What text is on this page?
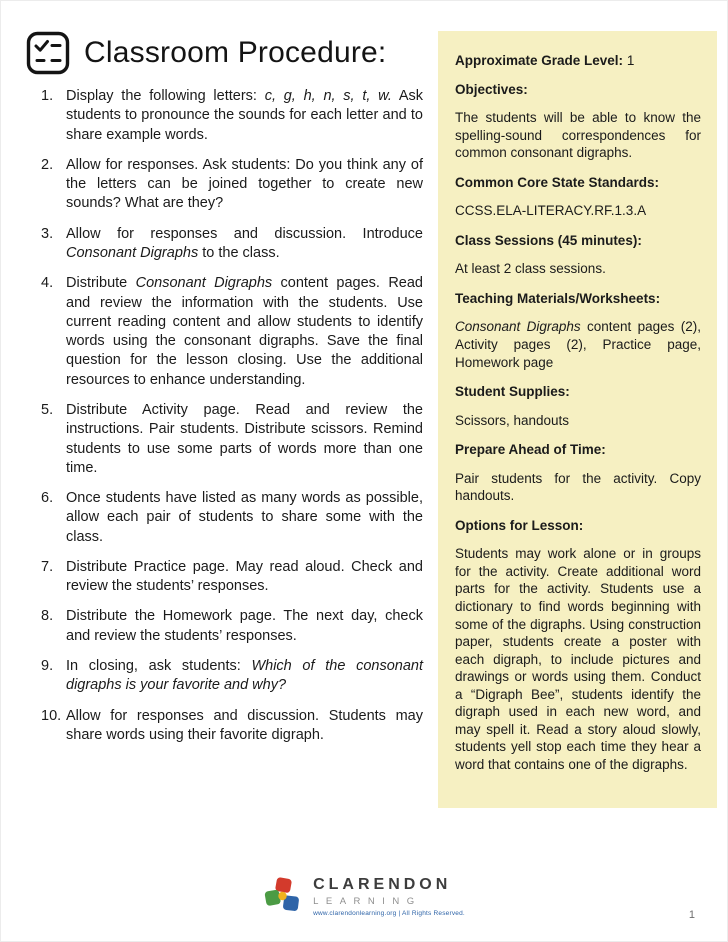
Classroom Procedure:
1. Display the following letters: c, g, h, n, s, t, w. Ask students to pronounce the sounds for each letter and to share example words.
2. Allow for responses. Ask students: Do you think any of the letters can be joined together to create new sounds? What are they?
3. Allow for responses and discussion. Introduce Consonant Digraphs to the class.
4. Distribute Consonant Digraphs content pages. Read and review the information with the students. Use current reading content and allow students to identify words using the consonant digraphs. Save the final question for the lesson closing. Use the additional resources to enhance understanding.
5. Distribute Activity page. Read and review the instructions. Pair students. Distribute scissors. Remind students to use some parts of words more than one time.
6. Once students have listed as many words as possible, allow each pair of students to share some with the class.
7. Distribute Practice page. May read aloud. Check and review the students’ responses.
8. Distribute the Homework page. The next day, check and review the students’ responses.
9. In closing, ask students: Which of the consonant digraphs is your favorite and why?
10. Allow for responses and discussion. Students may share words using their favorite digraph.

Approximate Grade Level: 1

Objectives:

The students will be able to know the spelling-sound correspondences for common consonant digraphs.

Common Core State Standards:

CCSS.ELA-LITERACY.RF.1.3.A

Class Sessions (45 minutes):

At least 2 class sessions.

Teaching Materials/Worksheets:

Consonant Digraphs content pages (2), Activity pages (2), Practice page, Homework page

Student Supplies:

Scissors, handouts

Prepare Ahead of Time:

Pair students for the activity. Copy handouts.

Options for Lesson:

Students may work alone or in groups for the activity. Create additional word parts for the activity. Students use a dictionary to find words beginning with some of the digraphs. Using construction paper, students create a poster with each digraph, to include pictures and drawings or words using them. Conduct a “Digraph Bee”, students identify the digraph used in each new word, and may spell it. Read a story aloud slowly, students yell stop each time they hear a word that contains one of the digraphs.

CLARENDON
LEARNING
www.clarendonlearning.org | All Rights Reserved.	1
